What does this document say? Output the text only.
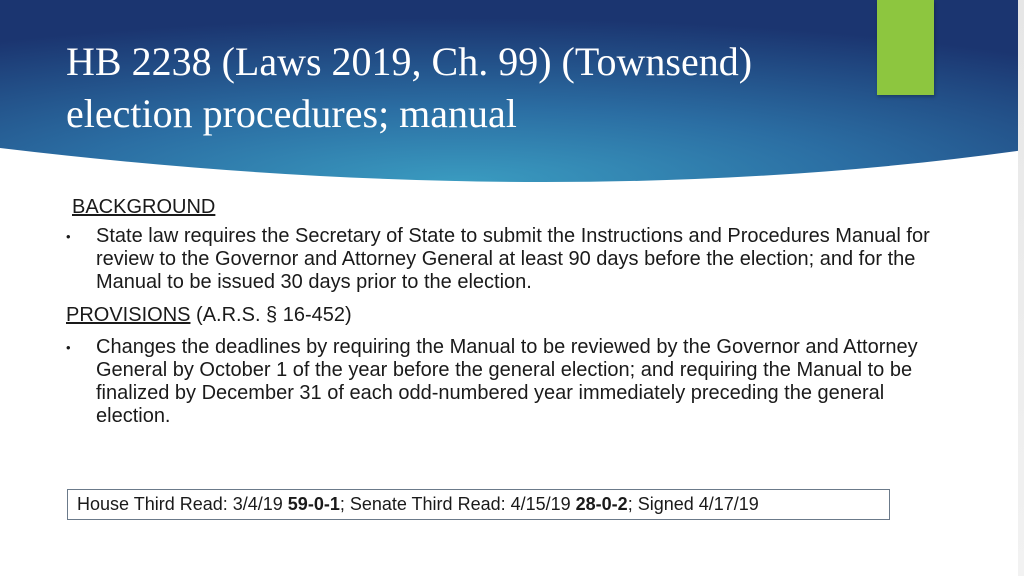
HB 2238 (Laws 2019, Ch. 99) (Townsend)
election procedures; manual
BACKGROUND
•	State law requires the Secretary of State to submit the Instructions and Procedures Manual for review to the Governor and Attorney General at least 90 days before the election; and for the Manual to be issued 30 days prior to the election.
PROVISIONS (A.R.S. § 16-452)
•	Changes the deadlines by requiring the Manual to be reviewed by the Governor and Attorney General by October 1 of the year before the general election; and requiring the Manual to be finalized by December 31 of each odd-numbered year immediately preceding the general election.
House Third Read: 3/4/19 59-0-1; Senate Third Read: 4/15/19 28-0-2; Signed 4/17/19
